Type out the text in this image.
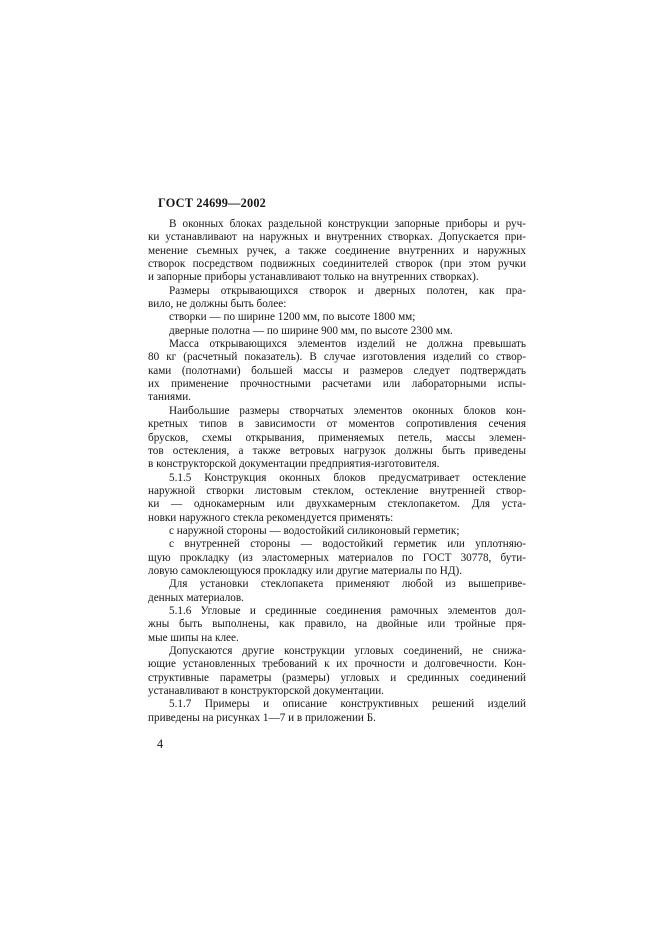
ГОСТ 24699—2002
В оконных блоках раздельной конструкции запорные приборы и руч-
ки устанавливают на наружных и внутренних створках. Допускается при-
менение съемных ручек, а также соединение внутренних и наружных
створок посредством подвижных соединителей створок (при этом ручки
и запорные приборы устанавливают только на внутренних створках).
Размеры открывающихся створок и дверных полотен, как пра-
вило, не должны быть более:
створки — по ширине 1200 мм, по высоте 1800 мм;
дверные полотна — по ширине 900 мм, по высоте 2300 мм.
Масса открывающихся элементов изделий не должна превышать
80 кг (расчетный показатель). В случае изготовления изделий со створ-
ками (полотнами) большей массы и размеров следует подтверждать
их применение прочностными расчетами или лабораторными испы-
таниями.
Наибольшие размеры створчатых элементов оконных блоков кон-
кретных типов в зависимости от моментов сопротивления сечения
брусков, схемы открывания, применяемых петель, массы элемен-
тов остекления, а также ветровых нагрузок должны быть приведены
в конструкторской документации предприятия-изготовителя.
5.1.5 Конструкция оконных блоков предусматривает остекление
наружной створки листовым стеклом, остекление внутренней створ-
ки — однокамерным или двухкамерным стеклопакетом. Для уста-
новки наружного стекла рекомендуется применять:
с наружной стороны — водостойкий силиконовый герметик;
с внутренней стороны — водостойкий герметик или уплотняю-
щую прокладку (из эластомерных материалов по ГОСТ 30778, бути-
ловую самоклеющуюся прокладку или другие материалы по НД).
Для установки стеклопакета применяют любой из вышеприве-
денных материалов.
5.1.6 Угловые и срединные соединения рамочных элементов дол-
жны быть выполнены, как правило, на двойные или тройные пря-
мые шипы на клее.
Допускаются другие конструкции угловых соединений, не снижа-
ющие установленных требований к их прочности и долговечности. Кон-
структивные параметры (размеры) угловых и срединных соединений
устанавливают в конструкторской документации.
5.1.7 Примеры и описание конструктивных решений изделий
приведены на рисунках 1—7 и в приложении Б.
4
